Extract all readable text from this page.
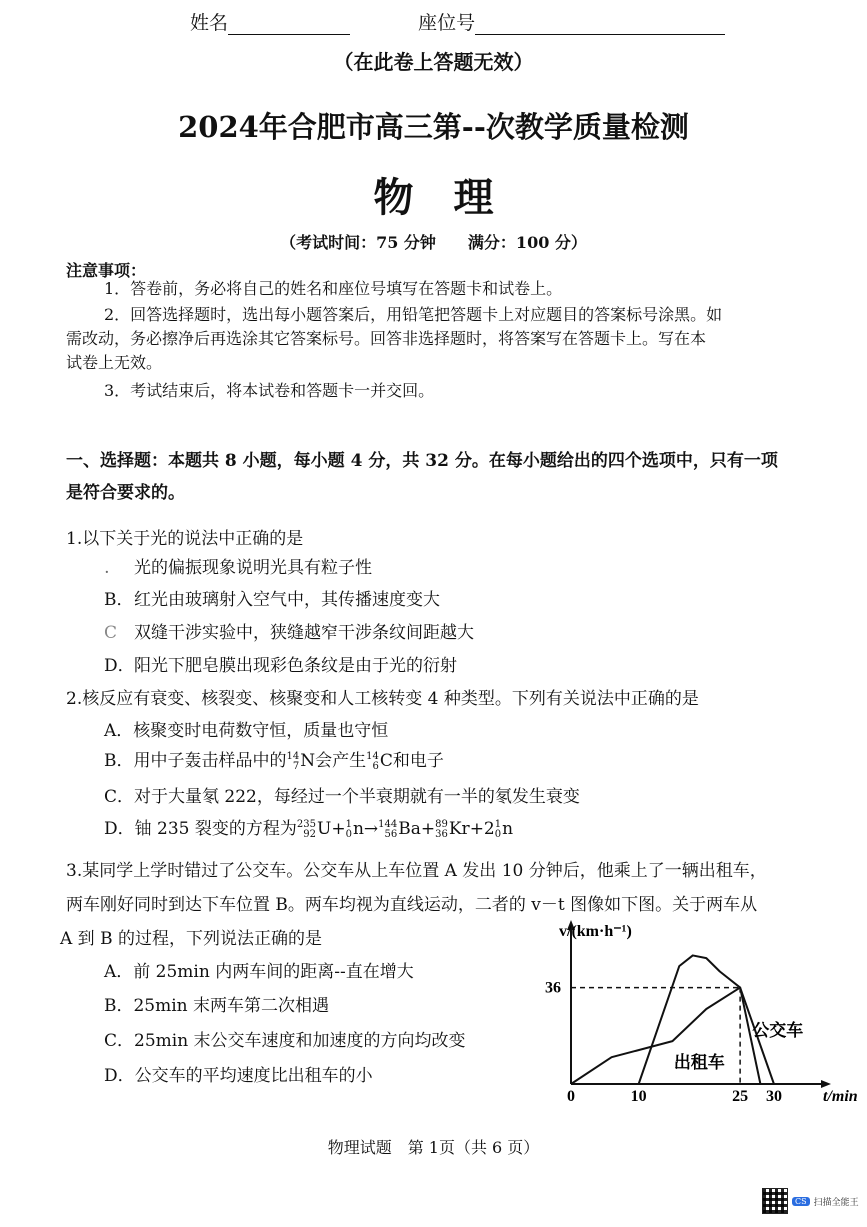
姓名	座位号
（在此卷上答题无效）
2024年合肥市高三第--次教学质量检测
物理
（考试时间：75 分钟　　满分：100 分）
注意事项：
1．答卷前，务必将自己的姓名和座位号填写在答题卡和试卷上。
2．回答选择题时，选出每小题答案后，用铅笔把答题卡上对应题目的答案标号涂黑。如
需改动，务必擦净后再选涂其它答案标号。回答非选择题时，将答案写在答题卡上。写在本
试卷上无效。
3．考试结束后，将本试卷和答题卡一并交回。
一、选择题：本题共 8 小题，每小题 4 分，共 32 分。在每小题给出的四个选项中，只有一项
是符合要求的。
1.以下关于光的说法中正确的是
․ 光的偏振现象说明光具有粒子性
B．红光由玻璃射入空气中，其传播速度变大
C 双缝干涉实验中，狭缝越窄干涉条纹间距越大
D．阳光下肥皂膜出现彩色条纹是由于光的衍射
2.核反应有衰变、核裂变、核聚变和人工核转变 4 种类型。下列有关说法中正确的是
A．核聚变时电荷数守恒，质量也守恒
B．用中子轰击样品中的 14
7 N会产生 14
6 C和电子
C．对于大量氡 222，每经过一个半衰期就有一半的氡发生衰变
D．铀 235 裂变的方程为 235
92 U+ 1
0 n→ 144
56 Ba+ 89
36 Kr+2 1
0 n
3.某同学上学时错过了公交车。公交车从上车位置 A 发出 10 分钟后，他乘上了一辆出租车，
两车刚好同时到达下车位置 B。两车均视为直线运动，二者的 v－t 图像如下图。关于两车从
A 到 B 的过程，下列说法正确的是
A．前 25min 内两车间的距离--直在增大
B．25min 末两车第二次相遇
C．25min 末公交车速度和加速度的方向均改变
D．公交车的平均速度比出租车的小
0	10	25 30
36
v/(km·h⁻¹)
t/min
公交车
出租车
物理试题　第 1页（共 6 页）
CS 扫描全能王
